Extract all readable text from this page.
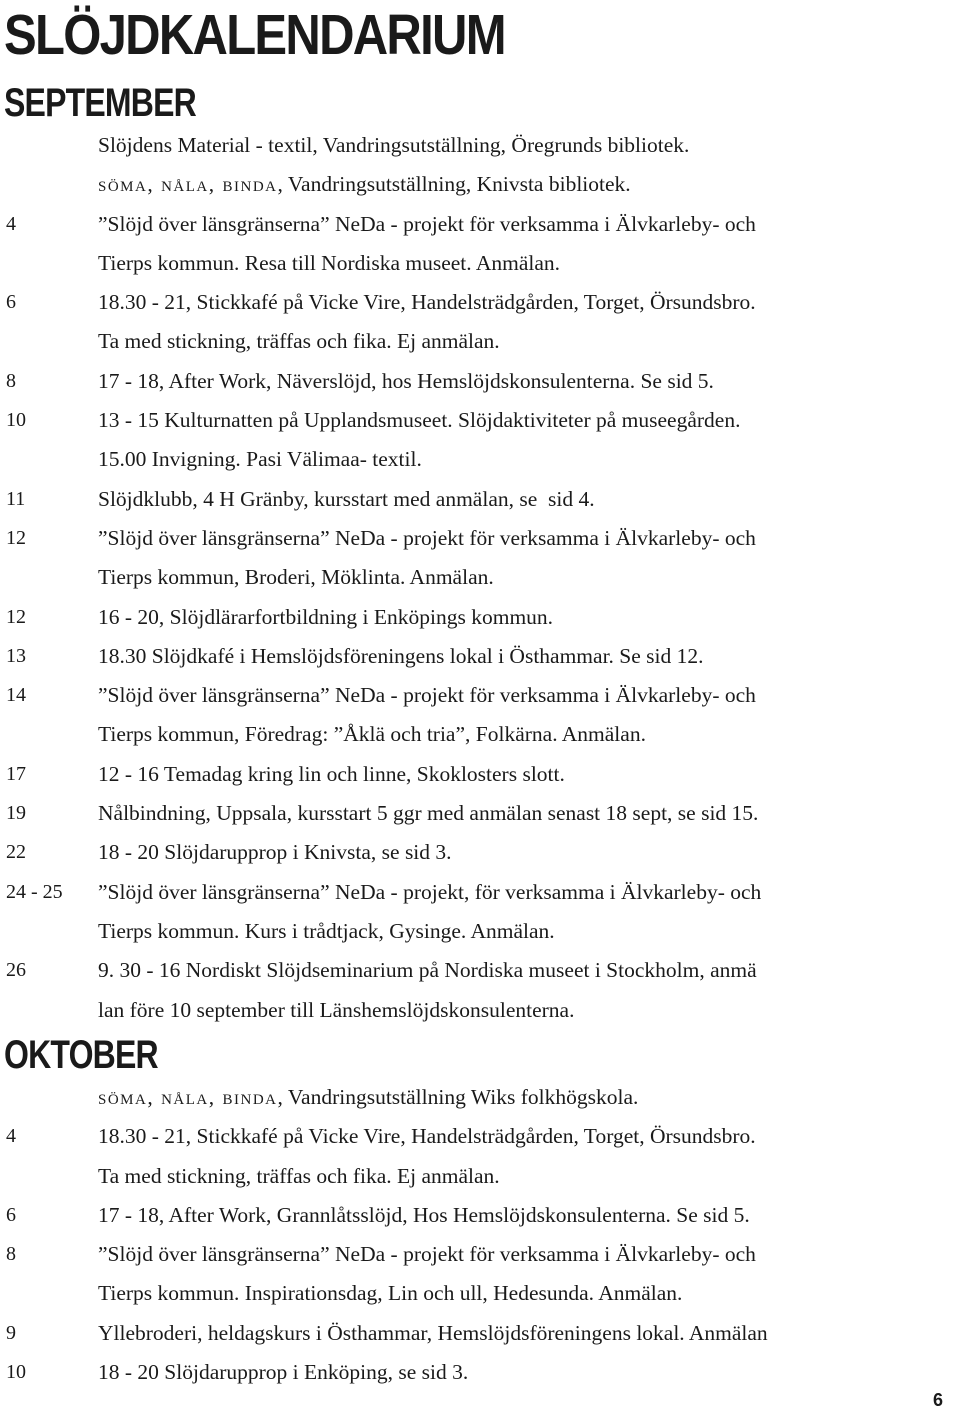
SLÖJDKALENDARIUM
SEPTEMBER
Slöjdens Material - textil, Vandringsutställning, Öregrunds bibliotek.
söma, nåla, binda, Vandringsutställning, Knivsta bibliotek.
4	”Slöjd över länsgränserna” NeDa - projekt för verksamma i Älvkarleby- och
Tierps kommun. Resa till Nordiska museet. Anmälan.
6	18.30 - 21, Stickkafé på Vicke Vire, Handelsträdgården, Torget, Örsundsbro.
Ta med stickning, träffas och fika. Ej anmälan.
8	17 - 18, After Work, Näverslöjd, hos Hemslöjdskonsulenterna. Se sid 5.
10	13 - 15 Kulturnatten på Upplandsmuseet. Slöjdaktiviteter på museegården.
15.00 Invigning. Pasi Välimaa- textil.
11	Slöjdklubb, 4 H Gränby, kursstart med anmälan, se  sid 4.
12	”Slöjd över länsgränserna” NeDa - projekt för verksamma i Älvkarleby- och
Tierps kommun, Broderi, Möklinta. Anmälan.
12	16 - 20, Slöjdlärarfortbildning i Enköpings kommun.
13	18.30 Slöjdkafé i Hemslöjdsföreningens lokal i Östhammar. Se sid 12.
14	”Slöjd över länsgränserna” NeDa - projekt för verksamma i Älvkarleby- och
Tierps kommun, Föredrag: ”Åklä och tria”, Folkärna. Anmälan.
17	12 - 16 Temadag kring lin och linne, Skoklosters slott.
19	Nålbindning, Uppsala, kursstart 5 ggr med anmälan senast 18 sept, se sid 15.
22	18 - 20 Slöjdarupprop i Knivsta, se sid 3.
24 - 25	”Slöjd över länsgränserna” NeDa - projekt, för verksamma i Älvkarleby- och
Tierps kommun. Kurs i trådtjack, Gysinge. Anmälan.
26	9. 30 - 16 Nordiskt Slöjdseminarium på Nordiska museet i Stockholm, anmä
lan före 10 september till Länshemslöjdskonsulenterna.
OKTOBER
söma, nåla, binda, Vandringsutställning Wiks folkhögskola.
4	18.30 - 21, Stickkafé på Vicke Vire, Handelsträdgården, Torget, Örsundsbro.
Ta med stickning, träffas och fika. Ej anmälan.
6	17 - 18, After Work, Grannlåtsslöjd, Hos Hemslöjdskonsulenterna. Se sid 5.
8	”Slöjd över länsgränserna” NeDa - projekt för verksamma i Älvkarleby- och
Tierps kommun. Inspirationsdag, Lin och ull, Hedesunda. Anmälan.
9	Yllebroderi, heldagskurs i Östhammar, Hemslöjdsföreningens lokal. Anmälan
10	18 - 20 Slöjdarupprop i Enköping, se sid 3.
6
